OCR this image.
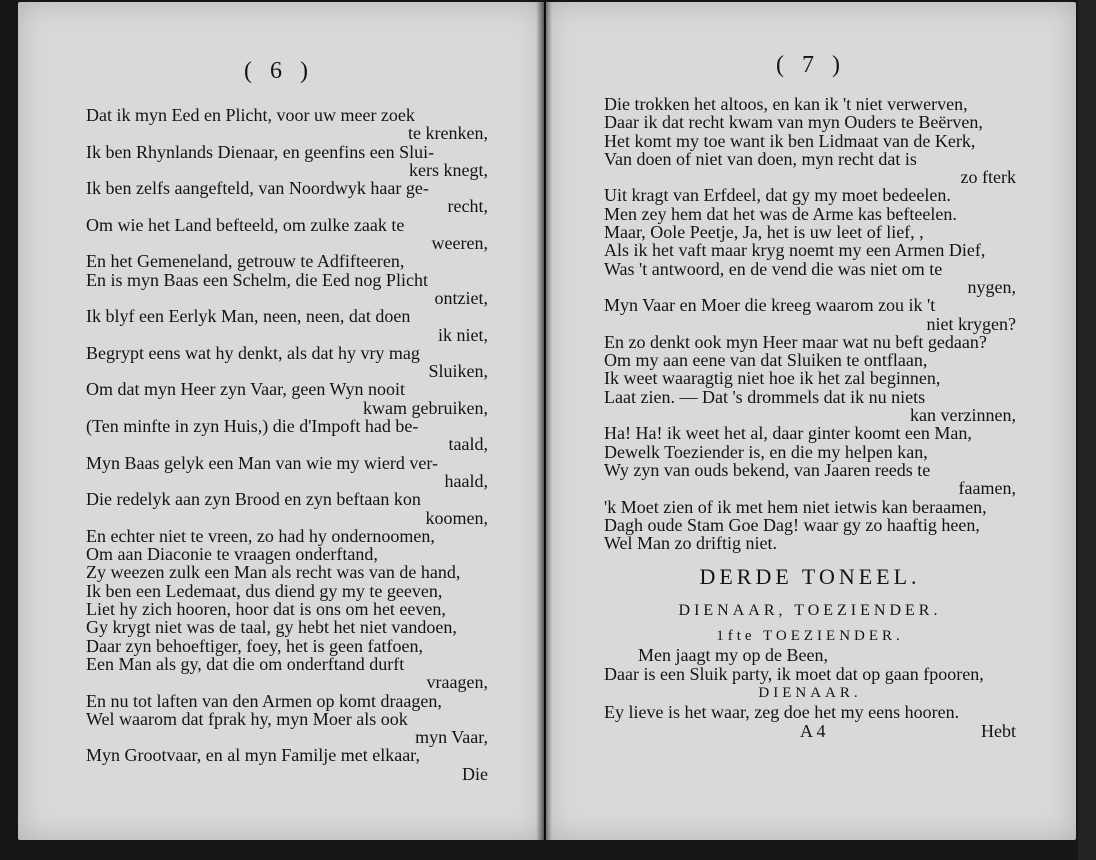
( 6 )
Dat ik myn Eed en Plicht, voor uw meer zoek
te krenken,
Ik ben Rhynlands Dienaar, en geenfins een Slui-
kers knegt,
Ik ben zelfs aangefteld, van Noordwyk haar ge-
recht,
Om wie het Land befteeld, om zulke zaak te
weeren,
En het Gemeneland, getrouw te Adfifteeren,
En is myn Baas een Schelm, die Eed nog Plicht
ontziet,
Ik blyf een Eerlyk Man, neen, neen, dat doen
ik niet,
Begrypt eens wat hy denkt, als dat hy vry mag
Sluiken,
Om dat myn Heer zyn Vaar, geen Wyn nooit
kwam gebruiken,
(Ten minfte in zyn Huis,) die d'Impoft had be-
taald,
Myn Baas gelyk een Man van wie my wierd ver-
haald,
Die redelyk aan zyn Brood en zyn beftaan kon
koomen,
En echter niet te vreen, zo had hy ondernoomen,
Om aan Diaconie te vraagen onderftand,
Zy weezen zulk een Man als recht was van de hand,
Ik ben een Ledemaat, dus diend gy my te geeven,
Liet hy zich hooren, hoor dat is ons om het eeven,
Gy krygt niet was de taal, gy hebt het niet vandoen,
Daar zyn behoeftiger, foey, het is geen fatfoen,
Een Man als gy, dat die om onderftand durft
vraagen,
En nu tot laften van den Armen op komt draagen,
Wel waarom dat fprak hy, myn Moer als ook
myn Vaar,
Myn Grootvaar, en al myn Familje met elkaar,
Die
( 7 )
Die trokken het altoos, en kan ik 't niet verwerven,
Daar ik dat recht kwam van myn Ouders te Beërven,
Het komt my toe want ik ben Lidmaat van de Kerk,
Van doen of niet van doen, myn recht dat is
zo fterk
Uit kragt van Erfdeel, dat gy my moet bedeelen.
Men zey hem dat het was de Arme kas befteelen.
Maar, Oole Peetje, Ja, het is uw leet of lief, ,
Als ik het vaft maar kryg noemt my een Armen Dief,
Was 't antwoord, en de vend die was niet om te
nygen,
Myn Vaar en Moer die kreeg waarom zou ik 't
niet krygen?
En zo denkt ook myn Heer maar wat nu beft gedaan?
Om my aan eene van dat Sluiken te ontflaan,
Ik weet waaragtig niet hoe ik het zal beginnen,
Laat zien. — Dat 's drommels dat ik nu niets
kan verzinnen,
Ha! Ha! ik weet het al, daar ginter koomt een Man,
Dewelk Toeziender is, en die my helpen kan,
Wy zyn van ouds bekend, van Jaaren reeds te
faamen,
'k Moet zien of ik met hem niet ietwis kan beraamen,
Dagh oude Stam Goe Dag! waar gy zo haaftig heen,
Wel Man zo driftig niet.
DERDE TONEEL.
DIENAAR, TOEZIENDER.
1fte TOEZIENDER.
Men jaagt my op de Been,
Daar is een Sluik party, ik moet dat op gaan fpooren,
DIENAAR.
Ey lieve is het waar, zeg doe het my eens hooren.
A 4	Hebt
